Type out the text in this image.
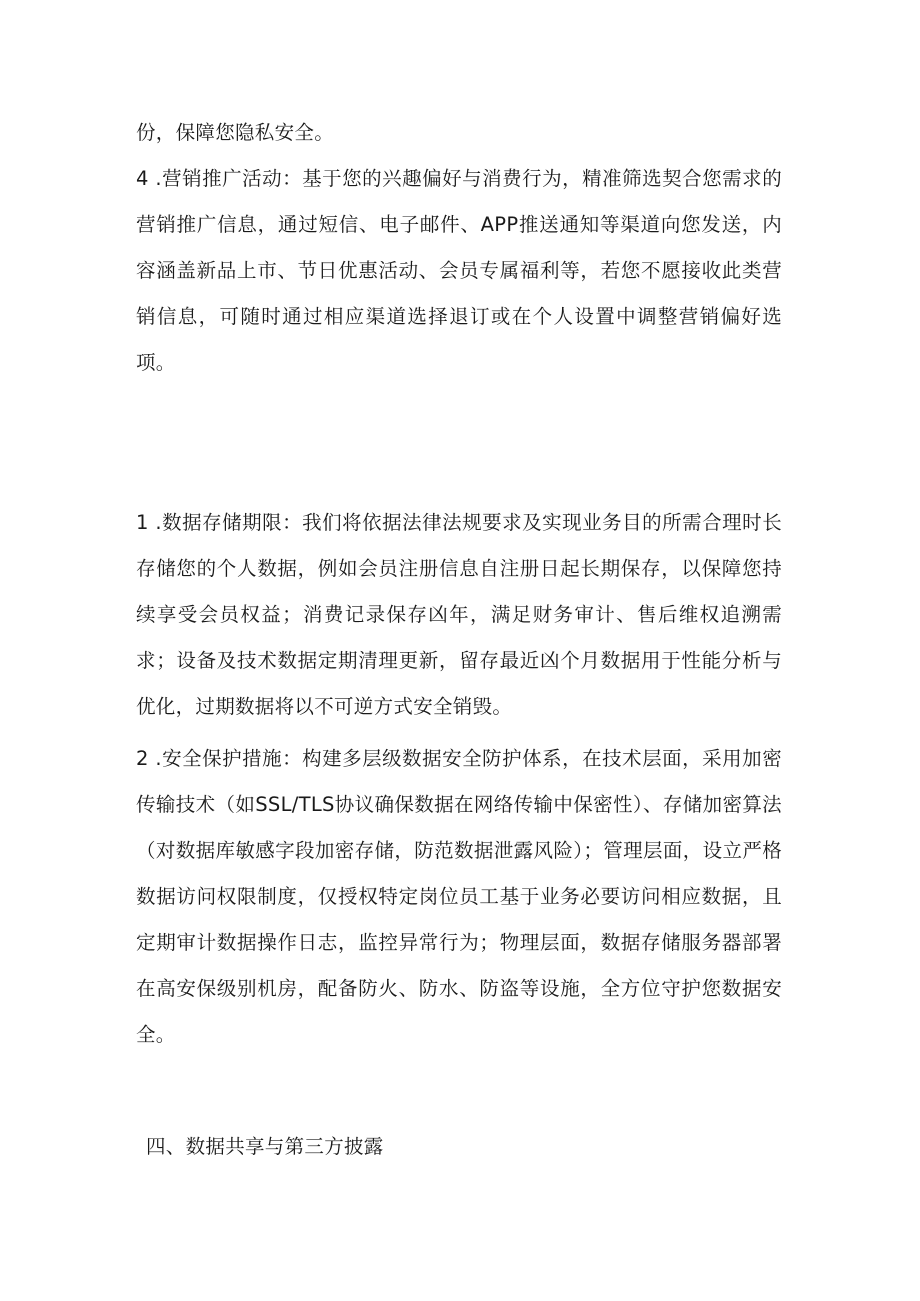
份，保障您隐私安全。

4 .营销推广活动：基于您的兴趣偏好与消费行为，精准筛选契合您需求的营销推广信息，通过短信、电子邮件、APP推送通知等渠道向您发送，内容涵盖新品上市、节日优惠活动、会员专属福利等，若您不愿接收此类营销信息，可随时通过相应渠道选择退订或在个人设置中调整营销偏好选项。

1 .数据存储期限：我们将依据法律法规要求及实现业务目的所需合理时长存储您的个人数据，例如会员注册信息自注册日起长期保存，以保障您持续享受会员权益；消费记录保存凶年，满足财务审计、售后维权追溯需求；设备及技术数据定期清理更新，留存最近凶个月数据用于性能分析与优化，过期数据将以不可逆方式安全销毁。

2 .安全保护措施：构建多层级数据安全防护体系，在技术层面，采用加密传输技术（如SSL/TLS协议确保数据在网络传输中保密性）、存储加密算法（对数据库敏感字段加密存储，防范数据泄露风险）；管理层面，设立严格数据访问权限制度，仅授权特定岗位员工基于业务必要访问相应数据，且定期审计数据操作日志，监控异常行为；物理层面，数据存储服务器部署在高安保级别机房，配备防火、防水、防盗等设施，全方位守护您数据安全。

四、数据共享与第三方披露
